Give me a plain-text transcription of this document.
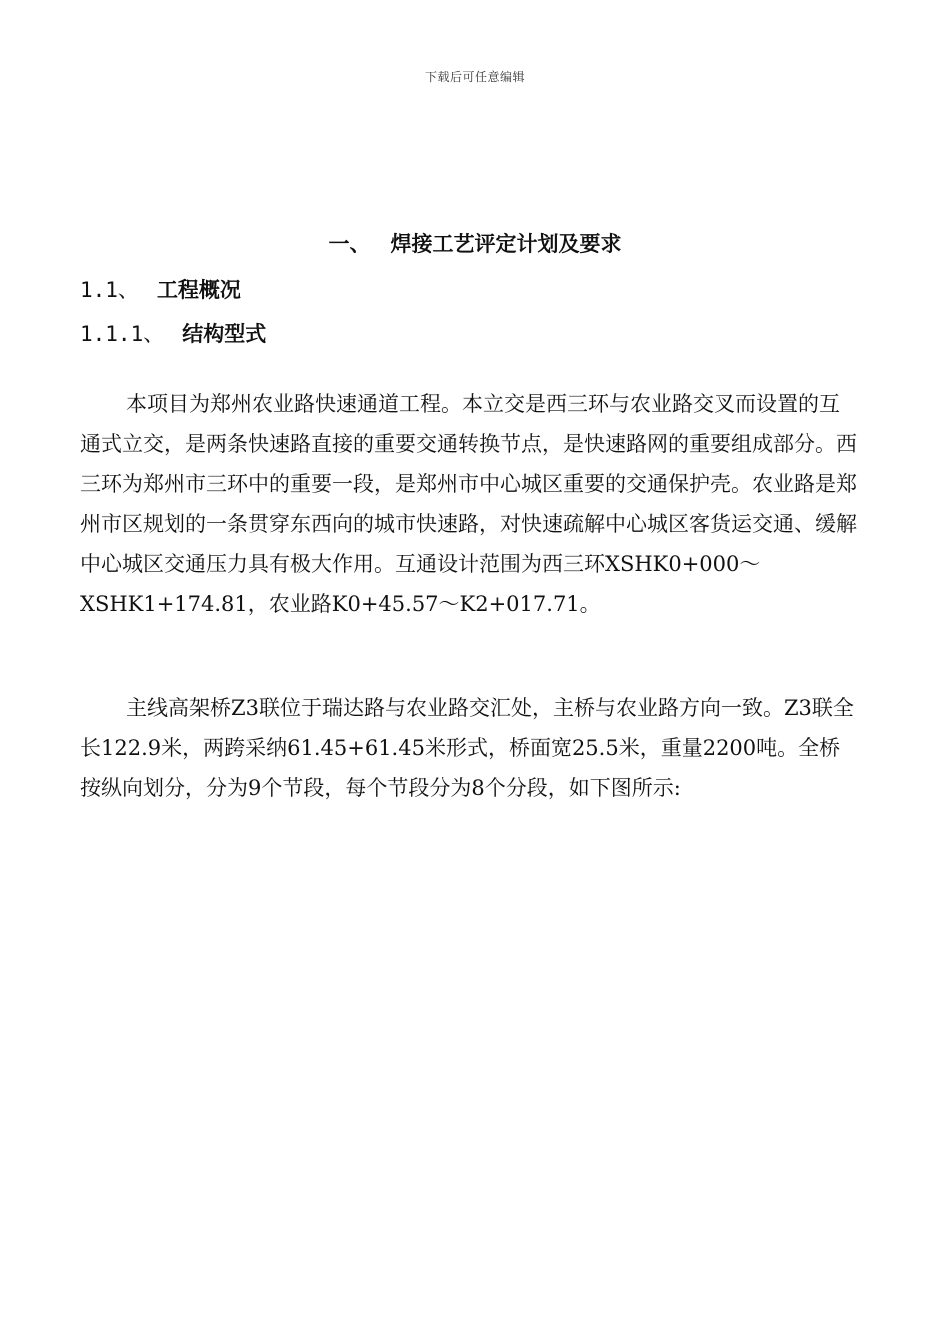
下载后可任意编辑
一、 焊接工艺评定计划及要求
1.1、 工程概况
1.1.1、 结构型式

本项目为郑州农业路快速通道工程。本立交是西三环与农业路交叉而设置的互通式立交，是两条快速路直接的重要交通转换节点，是快速路网的重要组成部分。西三环为郑州市三环中的重要一段，是郑州市中心城区重要的交通保护壳。农业路是郑州市区规划的一条贯穿东西向的城市快速路，对快速疏解中心城区客货运交通、缓解中心城区交通压力具有极大作用。互通设计范围为西三环XSHK0+000～XSHK1+174.81，农业路K0+45.57～K2+017.71。

主线高架桥Z3联位于瑞达路与农业路交汇处，主桥与农业路方向一致。Z3联全长122.9米，两跨采纳61.45+61.45米形式，桥面宽25.5米，重量2200吨。全桥按纵向划分，分为9个节段，每个节段分为8个分段，如下图所示:
